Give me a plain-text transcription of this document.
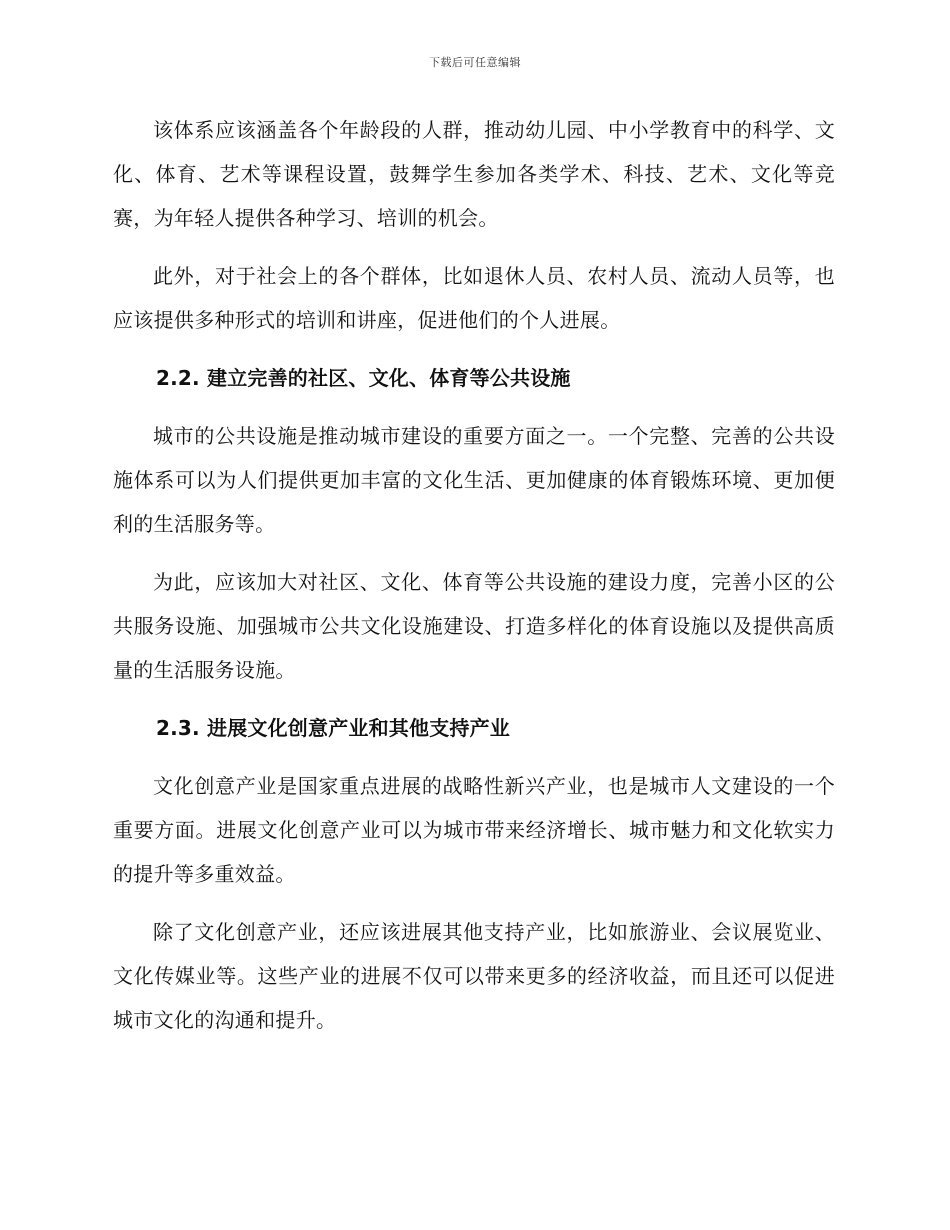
下载后可任意编辑

该体系应该涵盖各个年龄段的人群，推动幼儿园、中小学教育中的科学、文化、体育、艺术等课程设置，鼓舞学生参加各类学术、科技、艺术、文化等竞赛，为年轻人提供各种学习、培训的机会。

此外，对于社会上的各个群体，比如退休人员、农村人员、流动人员等，也应该提供多种形式的培训和讲座，促进他们的个人进展。

2.2. 建立完善的社区、文化、体育等公共设施

城市的公共设施是推动城市建设的重要方面之一。一个完整、完善的公共设施体系可以为人们提供更加丰富的文化生活、更加健康的体育锻炼环境、更加便利的生活服务等。

为此，应该加大对社区、文化、体育等公共设施的建设力度，完善小区的公共服务设施、加强城市公共文化设施建设、打造多样化的体育设施以及提供高质量的生活服务设施。

2.3. 进展文化创意产业和其他支持产业

文化创意产业是国家重点进展的战略性新兴产业，也是城市人文建设的一个重要方面。进展文化创意产业可以为城市带来经济增长、城市魅力和文化软实力的提升等多重效益。

除了文化创意产业，还应该进展其他支持产业，比如旅游业、会议展览业、文化传媒业等。这些产业的进展不仅可以带来更多的经济收益，而且还可以促进城市文化的沟通和提升。
